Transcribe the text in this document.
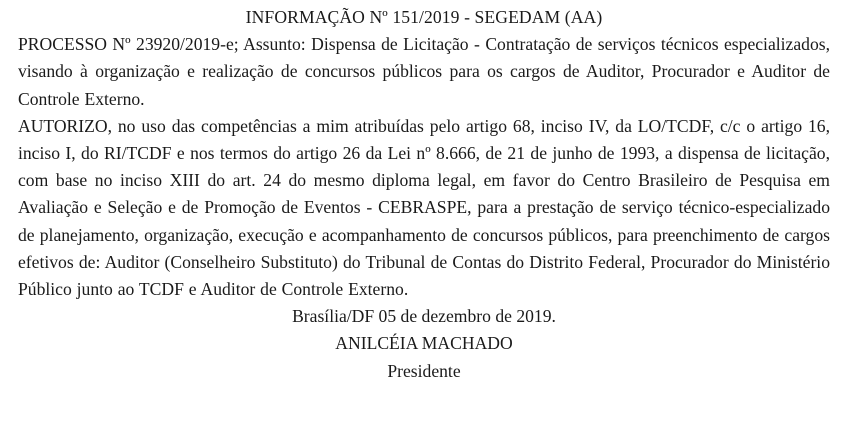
INFORMAÇÃO Nº 151/2019 - SEGEDAM (AA)

PROCESSO Nº 23920/2019-e; Assunto: Dispensa de Licitação - Contratação de serviços técnicos especializados, visando à organização e realização de concursos públicos para os cargos de Auditor, Procurador e Auditor de Controle Externo.

AUTORIZO, no uso das competências a mim atribuídas pelo artigo 68, inciso IV, da LO/TCDF, c/c o artigo 16, inciso I, do RI/TCDF e nos termos do artigo 26 da Lei nº 8.666, de 21 de junho de 1993, a dispensa de licitação, com base no inciso XIII do art. 24 do mesmo diploma legal, em favor do Centro Brasileiro de Pesquisa em Avaliação e Seleção e de Promoção de Eventos - CEBRASPE, para a prestação de serviço técnico-especializado de planejamento, organização, execução e acompanhamento de concursos públicos, para preenchimento de cargos efetivos de: Auditor (Conselheiro Substituto) do Tribunal de Contas do Distrito Federal, Procurador do Ministério Público junto ao TCDF e Auditor de Controle Externo.

Brasília/DF 05 de dezembro de 2019.

ANILCÉIA MACHADO

Presidente
